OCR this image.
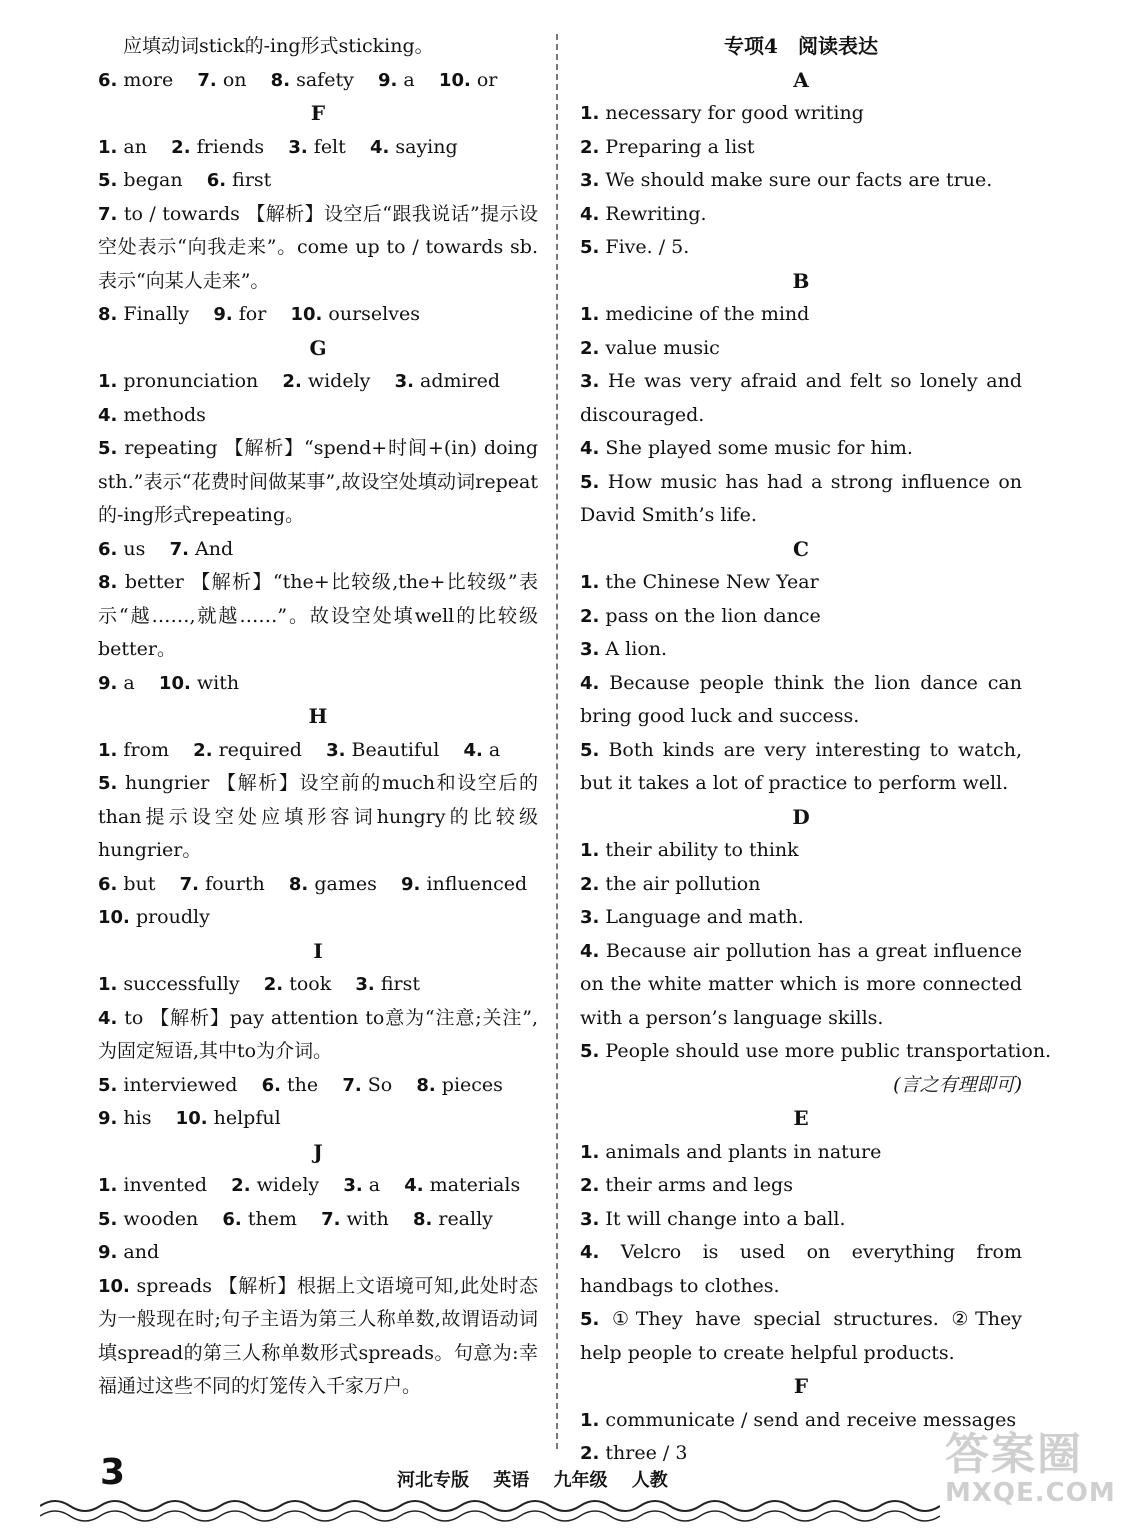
应填动词stick的-ing形式sticking。
6. more 7. on 8. safety 9. a 10. or
F
1. an 2. friends 3. felt 4. saying
5. began 6. first
7. to / towards 【解析】设空后“跟我说话”提示设空处表示“向我走来”。come up to / towards sb.表示“向某人走来”。
8. Finally 9. for 10. ourselves
G
1. pronunciation 2. widely 3. admired
4. methods
5. repeating 【解析】“spend+时间+(in) doing sth.”表示“花费时间做某事”,故设空处填动词repeat的-ing形式repeating。
6. us 7. And
8. better 【解析】“the+比较级,the+比较级”表示“越……,就越……”。故设空处填well的比较级better。
9. a 10. with
H
1. from 2. required 3. Beautiful 4. a
5. hungrier 【解析】设空前的much和设空后的than提示设空处应填形容词hungry的比较级hungrier。
6. but 7. fourth 8. games 9. influenced
10. proudly
I
1. successfully 2. took 3. first
4. to 【解析】pay attention to意为“注意;关注”,为固定短语,其中to为介词。
5. interviewed 6. the 7. So 8. pieces
9. his 10. helpful
J
1. invented 2. widely 3. a 4. materials
5. wooden 6. them 7. with 8. really
9. and
10. spreads 【解析】根据上文语境可知,此处时态为一般现在时;句子主语为第三人称单数,故谓语动词填spread的第三人称单数形式spreads。句意为:幸福通过这些不同的灯笼传入千家万户。
专项4　阅读表达
A
1. necessary for good writing
2. Preparing a list
3. We should make sure our facts are true.
4. Rewriting.
5. Five. / 5.
B
1. medicine of the mind
2. value music
3. He was very afraid and felt so lonely and discouraged.
4. She played some music for him.
5. How music has had a strong influence on David Smith’s life.
C
1. the Chinese New Year
2. pass on the lion dance
3. A lion.
4. Because people think the lion dance can bring good luck and success.
5. Both kinds are very interesting to watch, but it takes a lot of practice to perform well.
D
1. their ability to think
2. the air pollution
3. Language and math.
4. Because air pollution has a great influence on the white matter which is more connected with a person’s language skills.
5. People should use more public transportation.
(言之有理即可)
E
1. animals and plants in nature
2. their arms and legs
3. It will change into a ball.
4. Velcro is used on everything from handbags to clothes.
5. ①They have special structures. ②They help people to create helpful products.
F
1. communicate / send and receive messages
2. three / 3
3	河北专版 英语 九年级 人教
答案圈
MXQE.COM
